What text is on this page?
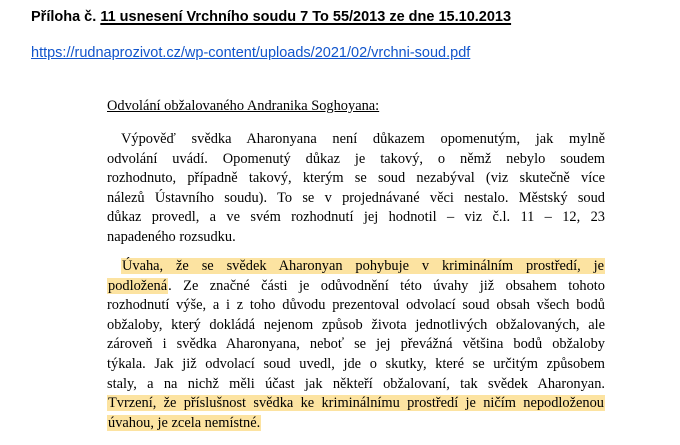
Příloha č. 11 usnesení Vrchního soudu 7 To 55/2013 ze dne 15.10.2013
https://rudnaprozivot.cz/wp-content/uploads/2021/02/vrchni-soud.pdf
Odvolání obžalovaného Andranika Soghoyana:
Výpověď svědka Aharonyana není důkazem opomenutým, jak mylně
odvolání uvádí. Opomenutý důkaz je takový, o němž nebylo soudem
rozhodnuto, případně takový, kterým se soud nezabýval (viz skutečně více
nálezů Ústavního soudu). To se v projednávané věci nestalo. Městský soud
důkaz provedl, a ve svém rozhodnutí jej hodnotil – viz č.l. 11 – 12, 23
napadeného rozsudku.
Úvaha, že se svědek Aharonyan pohybuje v kriminálním prostředí, je
podložená. Ze značné části je odůvodnění této úvahy již obsahem tohoto
rozhodnutí výše, a i z toho důvodu prezentoval odvolací soud obsah všech bodů
obžaloby, který dokládá nejenom způsob života jednotlivých obžalovaných, ale
zároveň i svědka Aharonyana, neboť se jej převážná většina bodů obžaloby
týkala. Jak již odvolací soud uvedl, jde o skutky, které se určitým způsobem
staly, a na nichž měli účast jak někteří obžalovaní, tak svědek Aharonyan.
Tvrzení, že příslušnost svědka ke kriminálnímu prostředí je ničím nepodloženou
úvahou, je zcela nemístné.
